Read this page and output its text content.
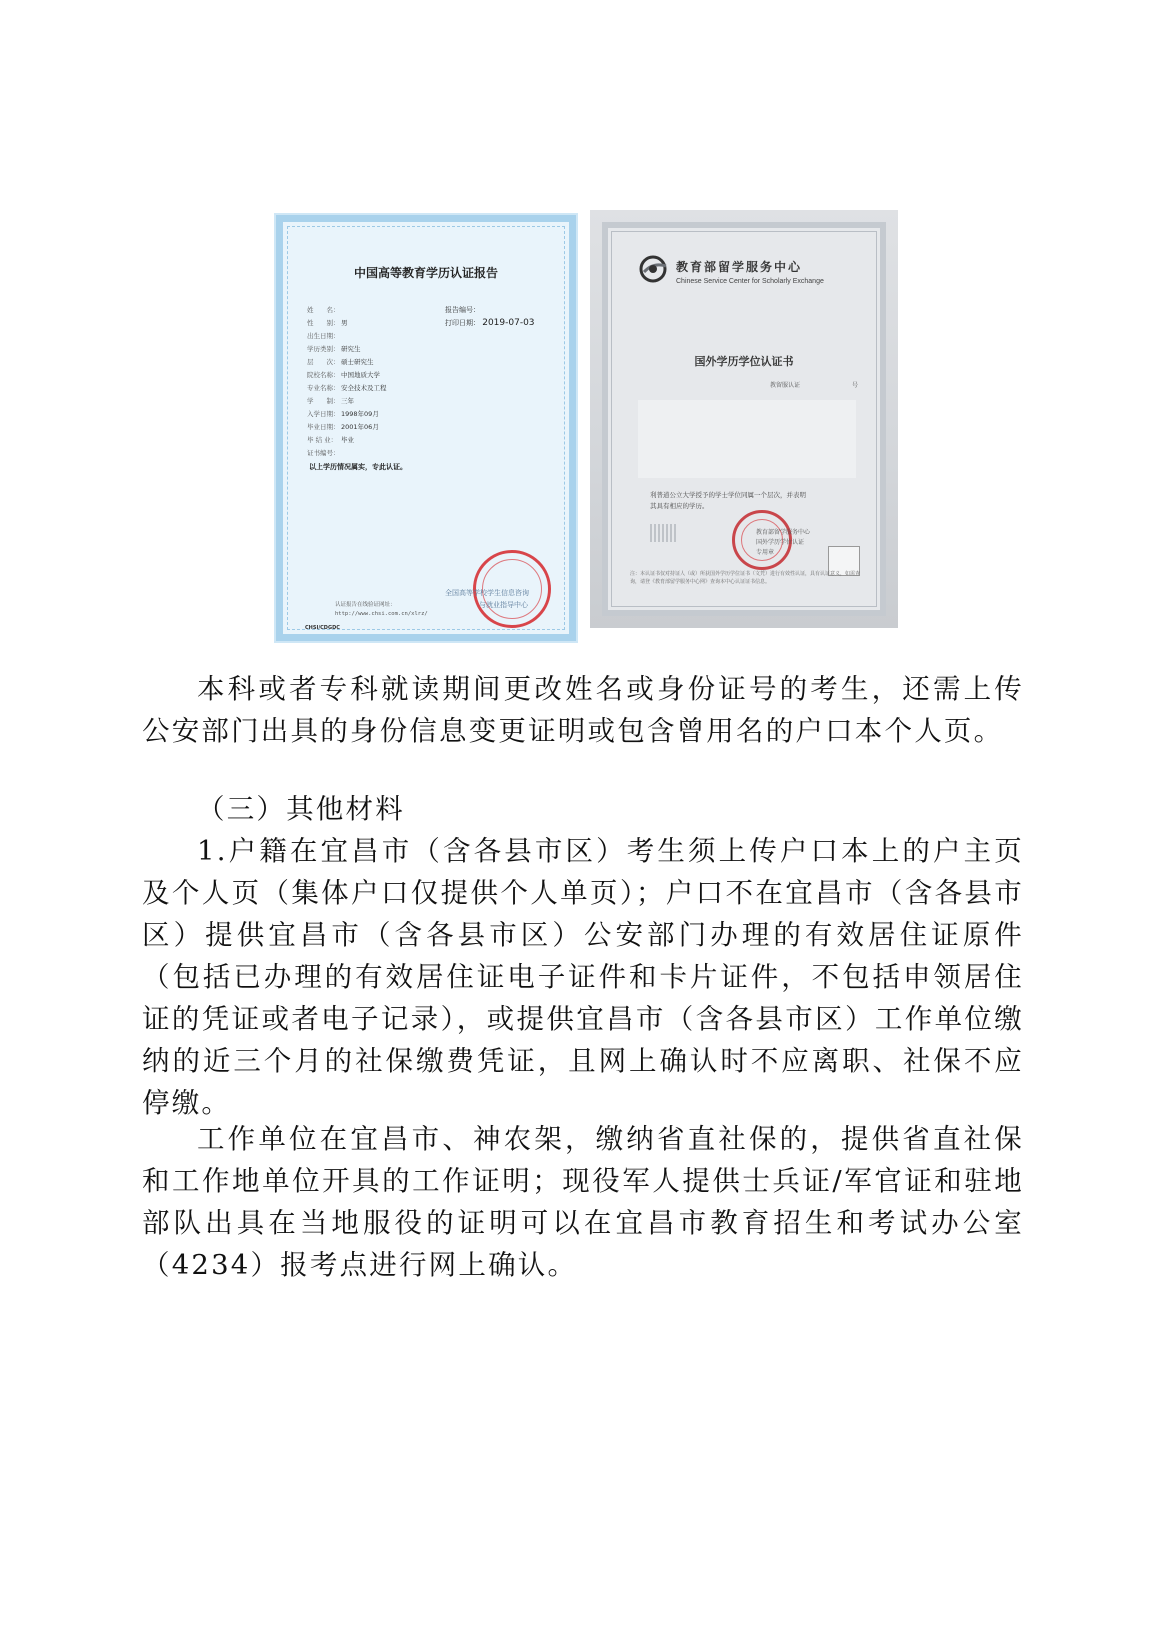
中国高等教育学历认证报告
报告编号：
打印日期： 2019-07-03
姓　　名：
性　　别： 男
出生日期：
学历类别： 研究生
层　　次： 硕士研究生
院校名称： 中国地质大学
专业名称： 安全技术及工程
学　　制： 三年
入学日期： 1998年09月
毕业日期： 2001年06月
毕 结 业： 毕业
证书编号：
以上学历情况属实，专此认证。
全国高等学校学生信息咨询
与就业指导中心
认证报告在线验证网址：
http://www.chsi.com.cn/xlrz/
CHSI/CDGDC
教育部留学服务中心
Chinese Service Center for Scholarly Exchange
国外学历学位认证书
教留服认证	号
利普道公立大学授予的学士学位同属一个层次，并表明
其具有相应的学历。
教育部留学服务中心
国外学历学位认证
专用章
注：本认证书仅对持证人（或）所获国外学历学位证书（文凭）进行有效性认证，具有认证意义，如需查询，请登《教育部留学服务中心网》查询本中心认证证书信息。

本科或者专科就读期间更改姓名或身份证号的考生，还需上传公安部门出具的身份信息变更证明或包含曾用名的户口本个人页。

（三）其他材料

1.户籍在宜昌市（含各县市区）考生须上传户口本上的户主页及个人页（集体户口仅提供个人单页）；户口不在宜昌市（含各县市区）提供宜昌市（含各县市区）公安部门办理的有效居住证原件（包括已办理的有效居住证电子证件和卡片证件，不包括申领居住证的凭证或者电子记录），或提供宜昌市（含各县市区）工作单位缴纳的近三个月的社保缴费凭证，且网上确认时不应离职、社保不应停缴。

工作单位在宜昌市、神农架，缴纳省直社保的，提供省直社保和工作地单位开具的工作证明；现役军人提供士兵证/军官证和驻地部队出具在当地服役的证明可以在宜昌市教育招生和考试办公室（4234）报考点进行网上确认。
